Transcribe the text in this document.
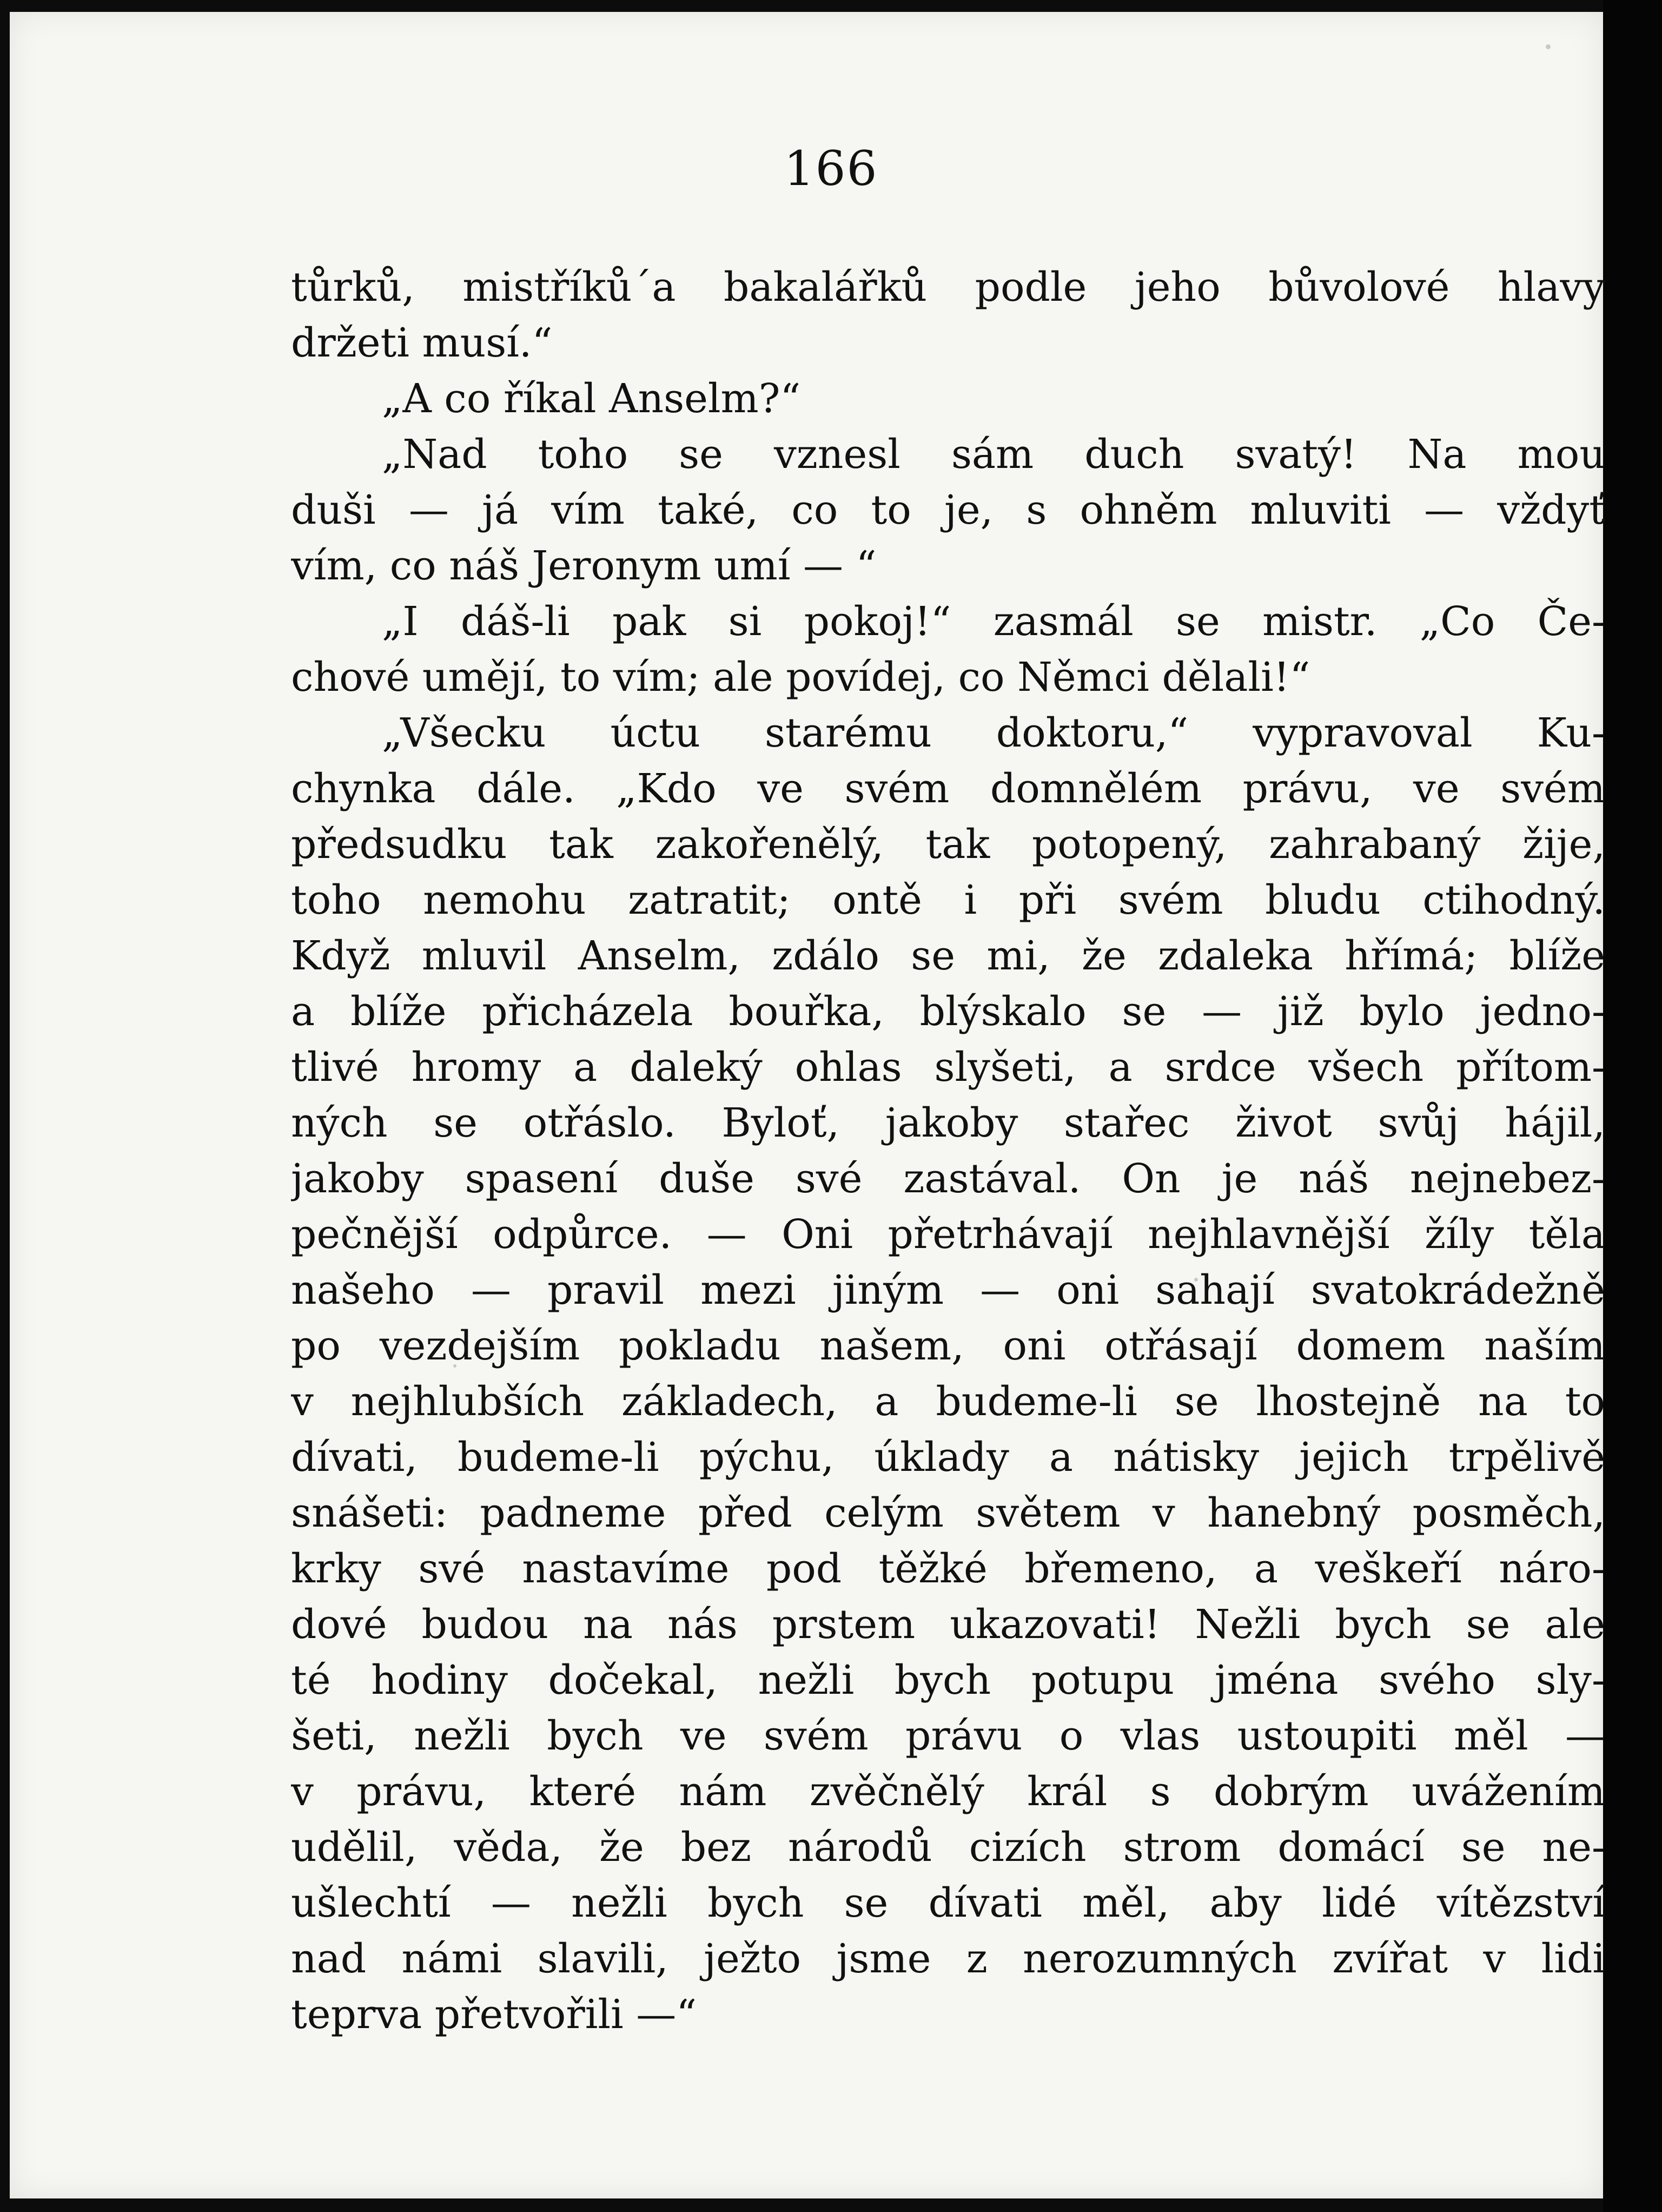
166
tůrků, mistříků´a bakalářků podle jeho bůvolové hlavy
držeti musí.“
„A co říkal Anselm?“
„Nad toho se vznesl sám duch svatý! Na mou
duši — já vím také, co to je, s ohněm mluviti — vždyť
vím, co náš Jeronym umí — “
„I dáš-li pak si pokoj!“ zasmál se mistr. „Co Če-
chové umějí, to vím; ale povídej, co Němci dělali!“
„Všecku úctu starému doktoru,“ vypravoval Ku-
chynka dále. „Kdo ve svém domnělém právu, ve svém
předsudku tak zakořenělý, tak potopený, zahrabaný žije,
toho nemohu zatratit; ontě i při svém bludu ctihodný.
Když mluvil Anselm, zdálo se mi, že zdaleka hřímá; blíže
a blíže přicházela bouřka, blýskalo se — již bylo jedno-
tlivé hromy a daleký ohlas slyšeti, a srdce všech přítom-
ných se otřáslo. Byloť, jakoby stařec život svůj hájil,
jakoby spasení duše své zastával. On je náš nejnebez-
pečnější odpůrce. — Oni přetrhávají nejhlavnější žíly těla
našeho — pravil mezi jiným — oni sahají svatokrádežně
po vezdejším pokladu našem, oni otřásají domem naším
v nejhlubších základech, a budeme-li se lhostejně na to
dívati, budeme-li pýchu, úklady a nátisky jejich trpělivě
snášeti: padneme před celým světem v hanebný posměch,
krky své nastavíme pod těžké břemeno, a veškeří náro-
dové budou na nás prstem ukazovati! Nežli bych se ale
té hodiny dočekal, nežli bych potupu jména svého sly-
šeti, nežli bych ve svém právu o vlas ustoupiti měl —
v právu, které nám zvěčnělý král s dobrým uvážením
udělil, věda, že bez národů cizích strom domácí se ne-
ušlechtí — nežli bych se dívati měl, aby lidé vítězství
nad námi slavili, ježto jsme z nerozumných zvířat v lidi
teprva přetvořili —“
